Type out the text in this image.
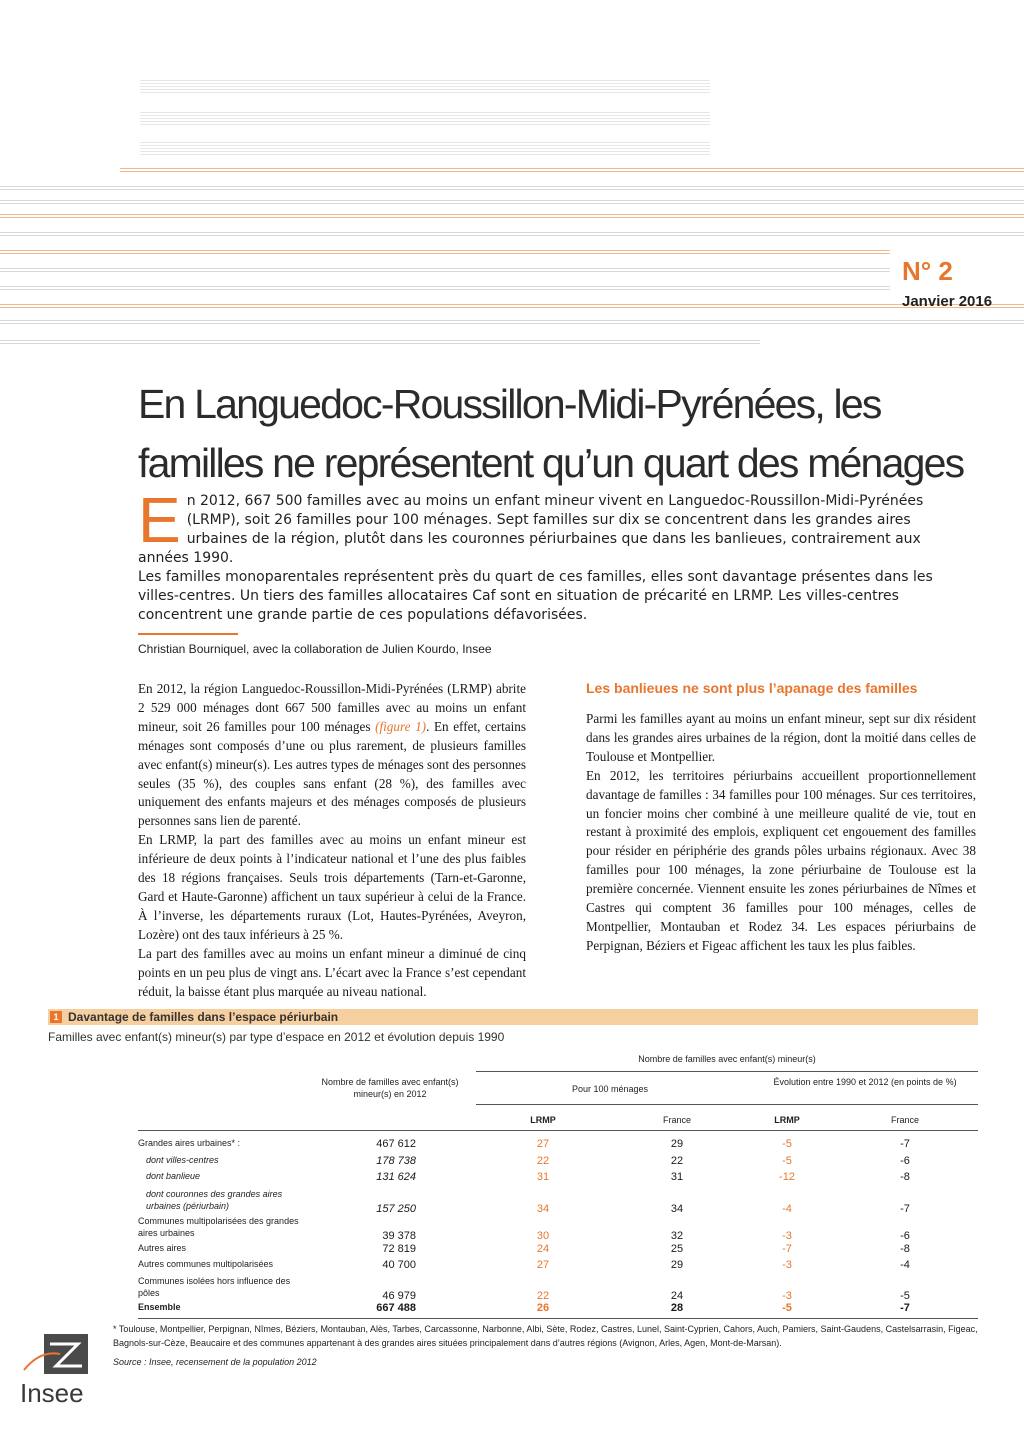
N° 2
Janvier 2016
En Languedoc-Roussillon-Midi-Pyrénées, les familles ne représentent qu’un quart des ménages
E n 2012, 667 500 familles avec au moins un enfant mineur vivent en Languedoc-Roussillon-Midi-Pyrénées (LRMP), soit 26 familles pour 100 ménages. Sept familles sur dix se concentrent dans les grandes aires urbaines de la région, plutôt dans les couronnes périurbaines que dans les banlieues, contrairement aux années 1990.

Les familles monoparentales représentent près du quart de ces familles, elles sont davantage présentes dans les villes-centres. Un tiers des familles allocataires Caf sont en situation de précarité en LRMP. Les villes-centres concentrent une grande partie de ces populations défavorisées.

Christian Bourniquel, avec la collaboration de Julien Kourdo, Insee

En 2012, la région Languedoc-Roussillon-Midi-Pyrénées (LRMP) abrite 2 529 000 ménages dont 667 500 familles avec au moins un enfant mineur, soit 26 familles pour 100 ménages (figure 1). En effet, certains ménages sont composés d’une ou plus rarement, de plusieurs familles avec enfant(s) mineur(s). Les autres types de ménages sont des personnes seules (35 %), des couples sans enfant (28 %), des familles avec uniquement des enfants majeurs et des ménages composés de plusieurs personnes sans lien de parenté.

En LRMP, la part des familles avec au moins un enfant mineur est inférieure de deux points à l’indicateur national et l’une des plus faibles des 18 régions françaises. Seuls trois départements (Tarn-et-Garonne, Gard et Haute-Garonne) affichent un taux supérieur à celui de la France. À l’inverse, les départements ruraux (Lot, Hautes-Pyrénées, Aveyron, Lozère) ont des taux inférieurs à 25 %.

La part des familles avec au moins un enfant mineur a diminué de cinq points en un peu plus de vingt ans. L’écart avec la France s’est cependant réduit, la baisse étant plus marquée au niveau national.

Les banlieues ne sont plus l’apanage des familles

Parmi les familles ayant au moins un enfant mineur, sept sur dix résident dans les grandes aires urbaines de la région, dont la moitié dans celles de Toulouse et Montpellier.

En 2012, les territoires périurbains accueillent proportionnellement davantage de familles : 34 familles pour 100 ménages. Sur ces territoires, un foncier moins cher combiné à une meilleure qualité de vie, tout en restant à proximité des emplois, expliquent cet engouement des familles pour résider en périphérie des grands pôles urbains régionaux. Avec 38 familles pour 100 ménages, la zone périurbaine de Toulouse est la première concernée. Viennent ensuite les zones périurbaines de Nîmes et Castres qui comptent 36 familles pour 100 ménages, celles de Montpellier, Montauban et Rodez 34. Les espaces périurbains de Perpignan, Béziers et Figeac affichent les taux les plus faibles.

1 Davantage de familles dans l’espace périurbain
Familles avec enfant(s) mineur(s) par type d’espace en 2012 et évolution depuis 1990
Nombre de familles avec enfant(s) mineur(s)
Nombre de familles avec enfant(s) mineur(s) en 2012	Pour 100 ménages
Évolution entre 1990 et 2012 (en points de %)
LRMP	France	LRMP	France
Grandes aires urbaines* :	467 612	27	29	-5	-7
dont villes-centres	178 738	22	22	-5	-6
dont banlieue	131 624	31	31	-12	-8
dont couronnes des grandes aires urbaines (périurbain)	157 250	34	34	-4	-7
Communes multipolarisées des grandes aires urbaines	39 378	30	32	-3	-6
Autres aires	72 819	24	25	-7	-8
Autres communes multipolarisées	40 700	27	29	-3	-4
Communes isolées hors influence des pôles	46 979	22	24	-3	-5
Ensemble	667 488	26	28	-5	-7
* Toulouse, Montpellier, Perpignan, Nîmes, Béziers, Montauban, Alès, Tarbes, Carcassonne, Narbonne, Albi, Sète, Rodez, Castres, Lunel, Saint-Cyprien, Cahors, Auch, Pamiers, Saint-Gaudens, Castelsarrasin, Figeac, Bagnols-sur-Cèze, Beaucaire et des communes appartenant à des grandes aires situées principalement dans d’autres régions (Avignon, Arles, Agen, Mont-de-Marsan).
Source : Insee, recensement de la population 2012
Insee
